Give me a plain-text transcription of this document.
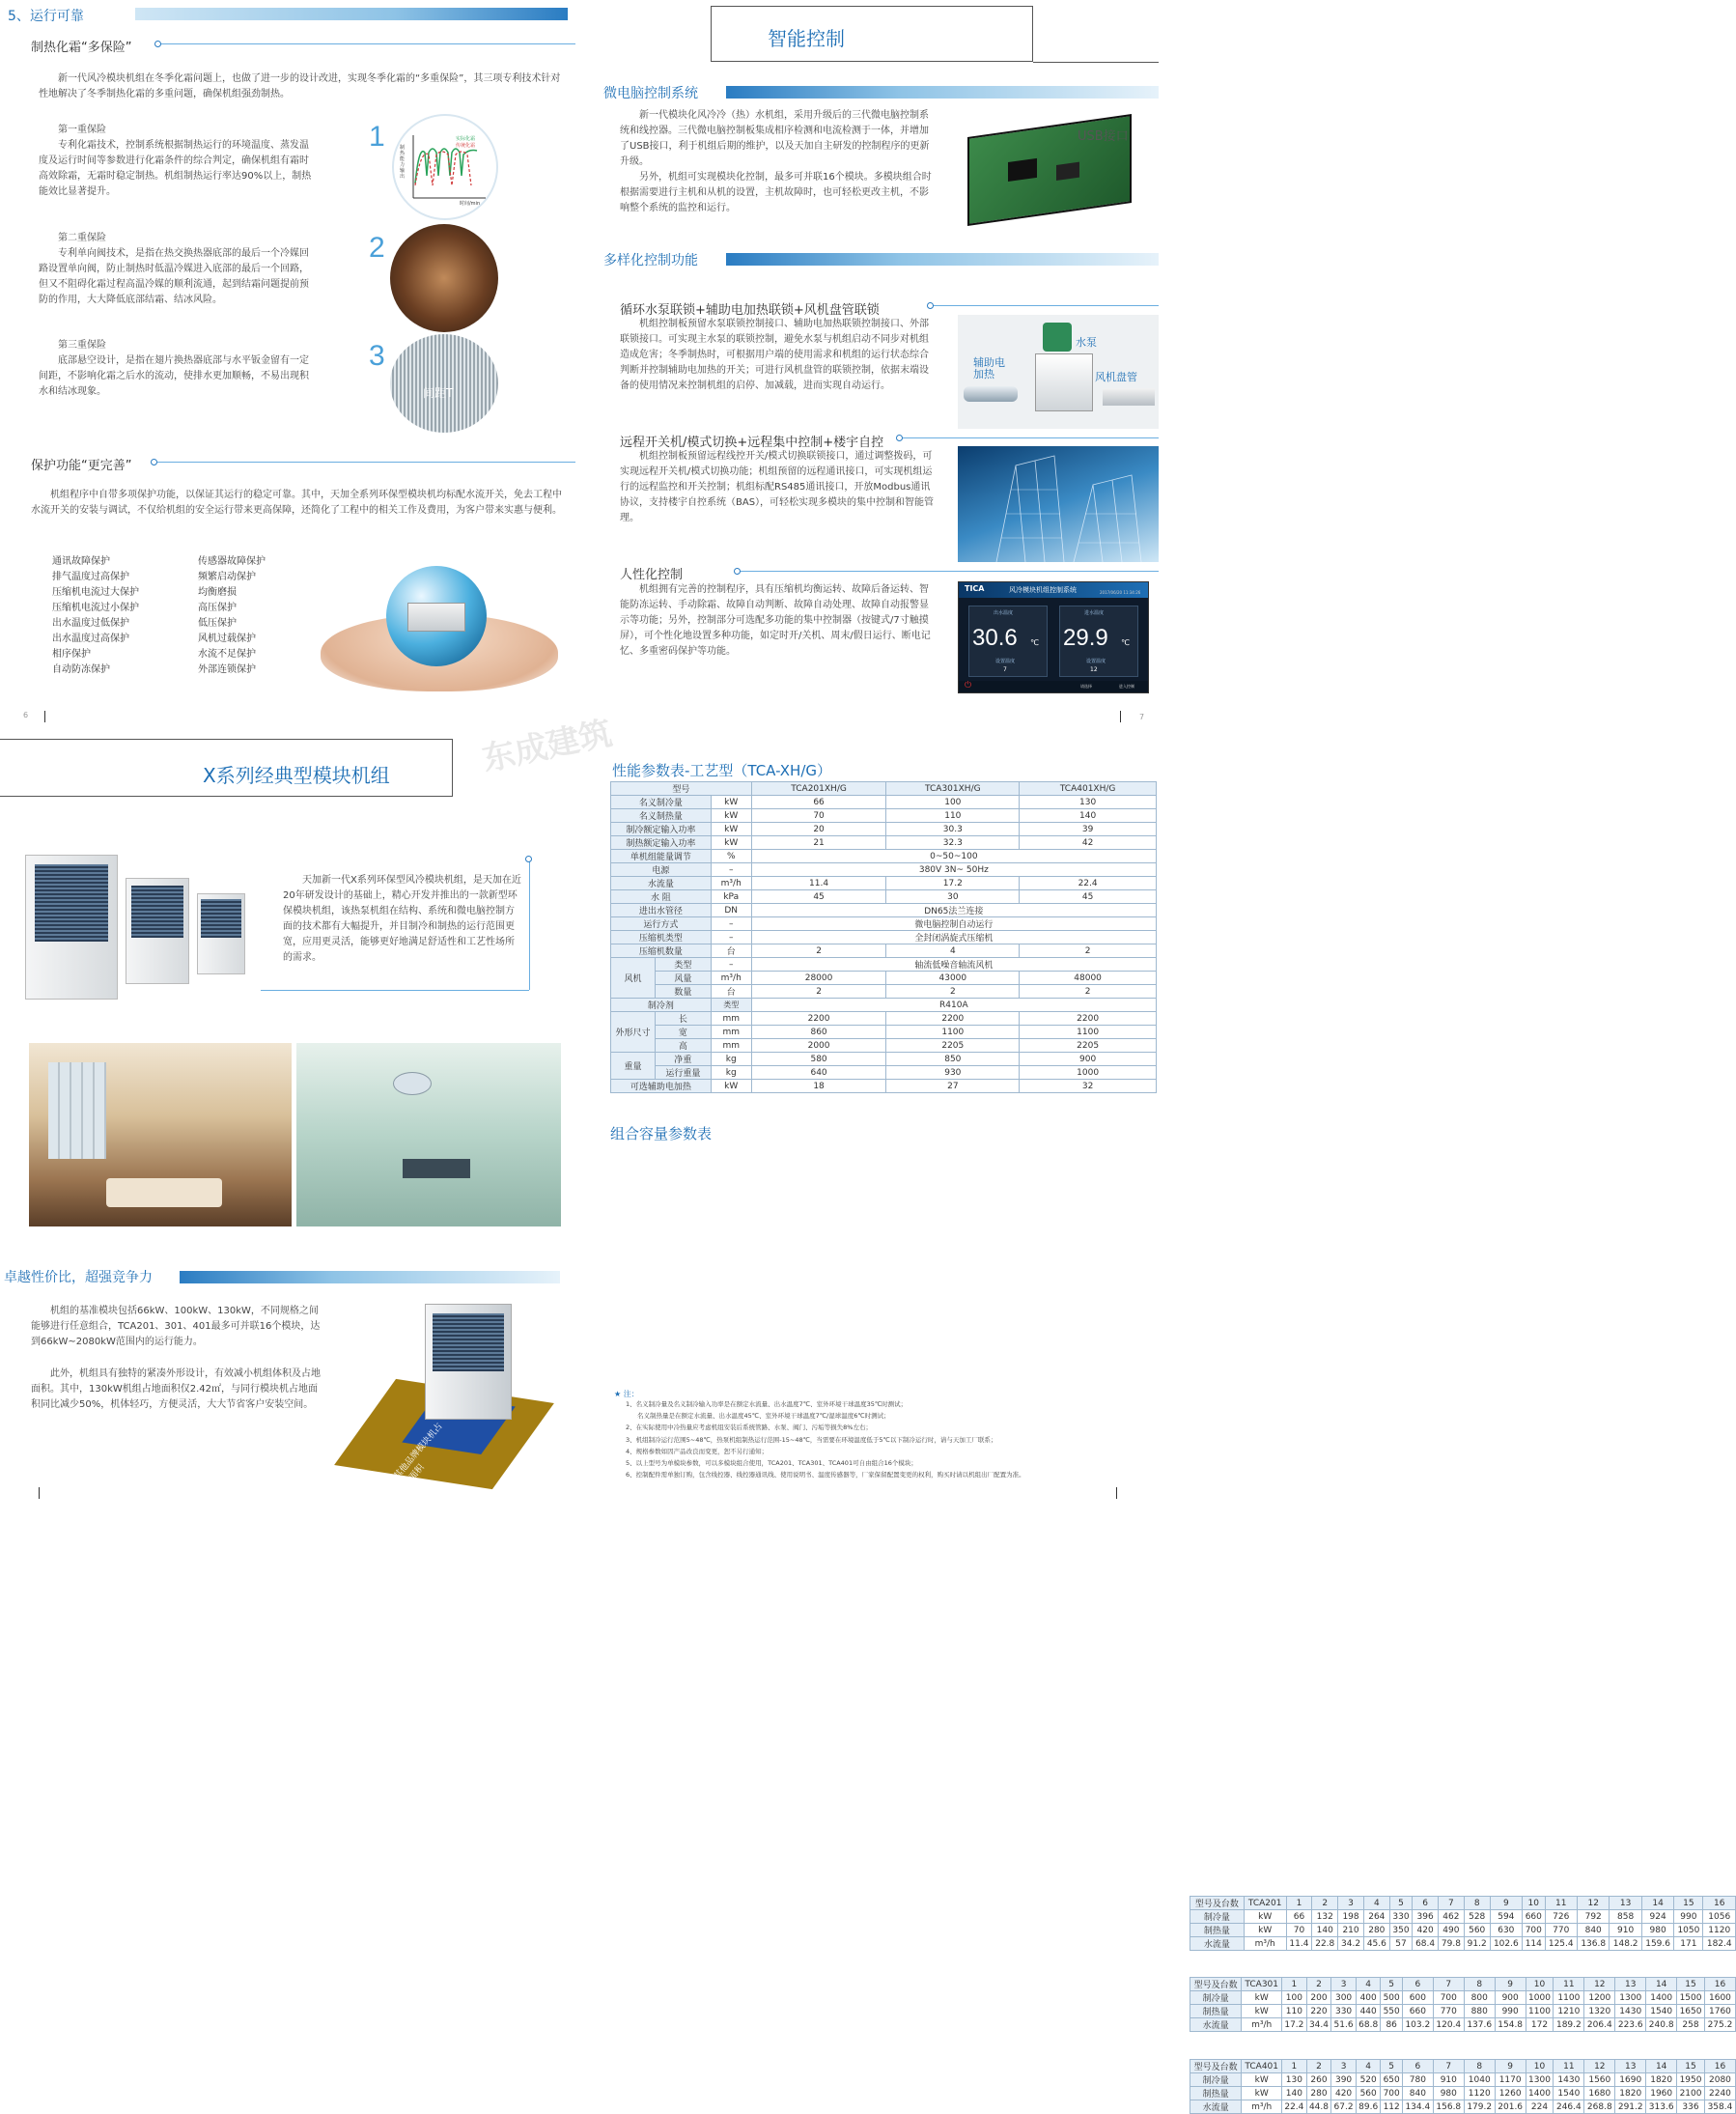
5、运行可靠
制热化霜“多保险”
新一代风冷模块机组在冬季化霜问题上，也做了进一步的设计改进，实现冬季化霜的“多重保险”，其三项专利技术针对性地解决了冬季制热化霜的多重问题，确保机组强劲制热。
第一重保险
专利化霜技术，控制系统根据制热运行的环境温度、蒸发温度及运行时间等参数进行化霜条件的综合判定，确保机组有霜时高效除霜，无霜时稳定制热。机组制热运行率达90%以上，制热能效比显著提升。
1	实际化霜
传统化霜
制热能力输出
时间/min
第二重保险
专利单向阀技术，是指在热交换热器底部的最后一个冷媒回路设置单向阀，防止制热时低温冷媒进入底部的最后一个回路，但又不阻碍化霜过程高温冷媒的顺利流通，起到结霜问题提前预防的作用，大大降低底部结霜、结冰风险。
2
第三重保险
底部悬空设计，是指在翅片换热器底部与水平钣金留有一定间距，不影响化霜之后水的流动，使排水更加顺畅，不易出现积水和结冰现象。
3
间距T
保护功能“更完善”
机组程序中自带多项保护功能，以保证其运行的稳定可靠。其中，天加全系列环保型模块机均标配水流开关，免去工程中水流开关的安装与调试，不仅给机组的安全运行带来更高保障，还简化了工程中的相关工作及费用，为客户带来实惠与便利。
通讯故障保护
排气温度过高保护
压缩机电流过大保护
压缩机电流过小保护
出水温度过低保护
出水温度过高保护
相序保护
自动防冻保护
传感器故障保护
频繁启动保护
均衡磨损
高压保护
低压保护
风机过载保护
水流不足保护
外部连锁保护
6
智能控制
微电脑控制系统
新一代模块化风冷冷（热）水机组，采用升级后的三代微电脑控制系统和线控器。三代微电脑控制板集成相序检测和电流检测于一体，并增加了USB接口，利于机组后期的维护，以及天加自主研发的控制程序的更新升级。
另外，机组可实现模块化控制，最多可并联16个模块。多模块组合时根据需要进行主机和从机的设置，主机故障时，也可轻松更改主机，不影响整个系统的监控和运行。
USB接口
多样化控制功能
循环水泵联锁+辅助电加热联锁+风机盘管联锁
机组控制板预留水泵联锁控制接口、辅助电加热联锁控制接口、外部联锁接口。可实现主水泵的联锁控制，避免水泵与机组启动不同步对机组造成危害；冬季制热时，可根据用户端的使用需求和机组的运行状态综合判断并控制辅助电加热的开关；可进行风机盘管的联锁控制，依据末端设备的使用情况来控制机组的启停、加减载，进而实现自动运行。
水泵
辅助电加热	风机盘管
远程开关机/模式切换+远程集中控制+楼宇自控
机组控制板预留远程线控开关/模式切换联锁接口，通过调整拨码，可实现远程开关机/模式切换功能；机组预留的远程通讯接口，可实现机组运行的远程监控和开关控制；机组标配RS485通讯接口，开放Modbus通讯协议，支持楼宇自控系统（BAS），可轻松实现多模块的集中控制和智能管理。
人性化控制
机组拥有完善的控制程序，具有压缩机均衡运转、故障后备运转、智能防冻运转、手动除霜、故障自动判断、故障自动处理、故障自动报警显示等功能；另外，控制部分可选配多功能的集中控制器（按键式/7寸触摸屏），可个性化地设置多种功能，如定时开/关机、周末/假日运行、断电记忆、多重密码保护等功能。
TICA	风冷模块机组控制系统	2017/06/20 11:34:26
出水温度	进水温度
30.6 ℃ 29.9 ℃
设置温度	设置温度
7	12
⏻	请选择	进入控制
7
X系列经典型模块机组
天加新一代X系列环保型风冷模块机组，是天加在近20年研发设计的基础上，精心开发并推出的一款新型环保模块机组，该热泵机组在结构、系统和微电脑控制方面的技术都有大幅提升，并目制冷和制热的运行范围更宽，应用更灵活，能够更好地满足舒适性和工艺性场所的需求。
卓越性价比，超强竞争力
机组的基准模块包括66kW、100kW、130kW，不同规格之间能够进行任意组合，TCA201、301、401最多可并联16个模块，达到66kW~2080kW范围内的运行能力。
此外，机组具有独特的紧凑外形设计，有效减小机组体积及占地面积。其中，130kW机组占地面积仅2.42㎡，与同行模块机占地面积同比减少50%，机体轻巧，方便灵活，大大节省客户安装空间。
其他品牌模块机占地面积
东成建筑
性能参数表-工艺型（TCA-XH/G）
型号			TCA201XH/G	TCA301XH/G	TCA401XH/G
名义制冷量		kW	66	100	130
名义制热量		kW	70	110	140
制冷额定输入功率		kW	20	30.3	39
制热额定输入功率		kW	21	32.3	42
单机组能量调节		%	0~50~100		
电源		–	380V 3N~ 50Hz		
水流量		m³/h	11.4	17.2	22.4
水 阻		kPa	45	30	45
进出水管径		DN	DN65法兰连接		
运行方式		–	微电脑控制自动运行		
压缩机类型		–	全封闭涡旋式压缩机		
压缩机数量		台	2	4	2
风机	类型	–	轴流低噪音轴流风机		
	风量	m³/h	28000	43000	48000
	数量	台	2	2	2
制冷剂		类型	R410A		
外形尺寸	长	mm	2200	2200	2200
	宽	mm	860	1100	1100
	高	mm	2000	2205	2205
重量	净重	kg	580	850	900
	运行重量	kg	640	930	1000
可选辅助电加热		kW	18	27	32
组合容量参数表
型号及台数	TCA201	1	2	3	4	5	6	7	8	9	10	11	12	13	14	15	16
制冷量	kW	66	132	198	264	330	396	462	528	594	660	726	792	858	924	990	1056
制热量	kW	70	140	210	280	350	420	490	560	630	700	770	840	910	980	1050	1120
水流量	m³/h	11.4	22.8	34.2	45.6	57	68.4	79.8	91.2	102.6	114	125.4	136.8	148.2	159.6	171	182.4
型号及台数	TCA301	1	2	3	4	5	6	7	8	9	10	11	12	13	14	15	16
制冷量	kW	100	200	300	400	500	600	700	800	900	1000	1100	1200	1300	1400	1500	1600
制热量	kW	110	220	330	440	550	660	770	880	990	1100	1210	1320	1430	1540	1650	1760
水流量	m³/h	17.2	34.4	51.6	68.8	86	103.2	120.4	137.6	154.8	172	189.2	206.4	223.6	240.8	258	275.2
型号及台数	TCA401	1	2	3	4	5	6	7	8	9	10	11	12	13	14	15	16
制冷量	kW	130	260	390	520	650	780	910	1040	1170	1300	1430	1560	1690	1820	1950	2080
制热量	kW	140	280	420	560	700	840	980	1120	1260	1400	1540	1680	1820	1960	2100	2240
水流量	m³/h	22.4	44.8	67.2	89.6	112	134.4	156.8	179.2	201.6	224	246.4	268.8	291.2	313.6	336	358.4
★ 注：
1、名义制冷量及名义制冷输入功率是在额定水流量、出水温度7℃、室外环境干球温度35℃时测试；
名义制热量是在额定水流量、出水温度45℃、室外环境干球温度7℃/湿球温度6℃时测试；
2、在实际使用中冷热量应考虑机组安装后系统管路、水泵、阀门、污垢等损失8%左右；
3、机组制冷运行范围5~48℃，热泵机组制热运行范围-15~48℃，当需要在环境温度低于5℃以下制冷运行时，请与天加工厂联系；
4、规格参数如因产品改良而变更，恕不另行通知；
5、以上型号为单模块参数，可以多模块组合使用，TCA201、TCA301、TCA401可自由组合16个模块；
6、控制配件需单独订购，包含线控器、线控器通讯线、使用说明书、温度传感器等，厂家保留配置变更的权利，购买时请以机组出厂配置为准。
